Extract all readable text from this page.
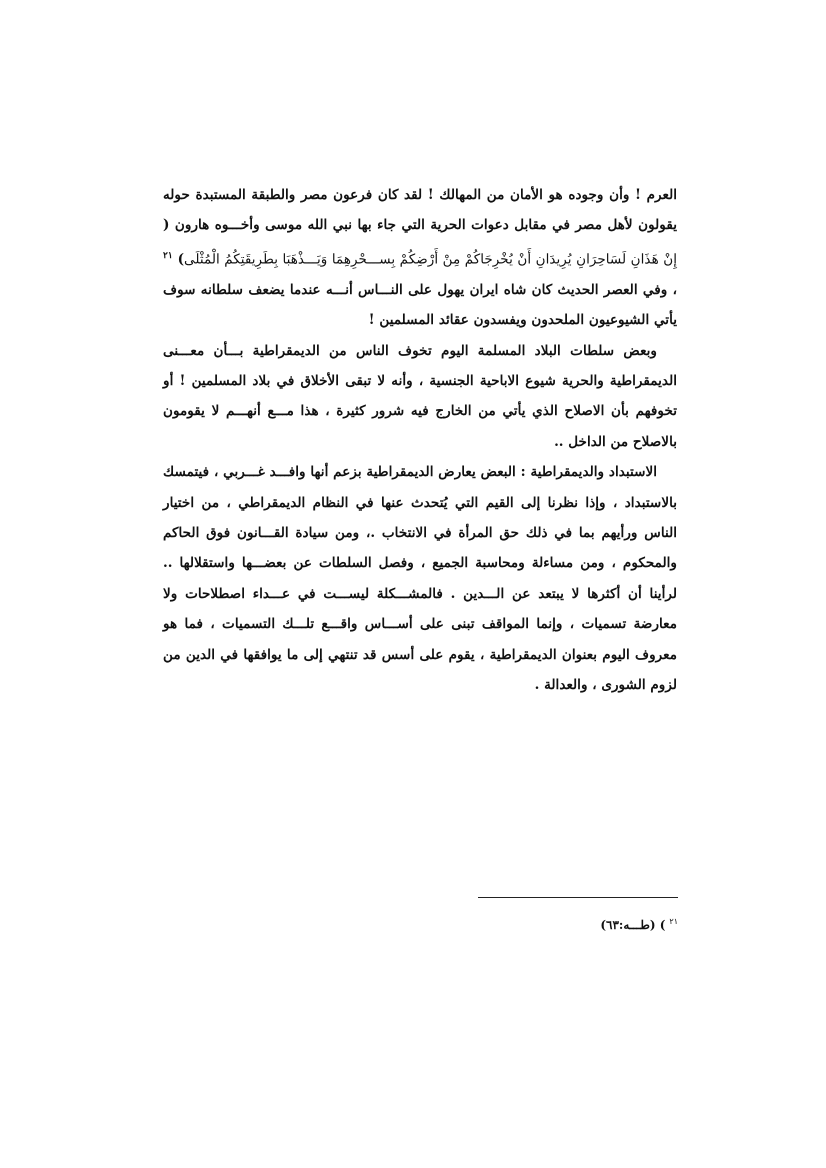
العرم ! وأن وجوده هو الأمان من المهالك ! لقد كان فرعون مصر والطبقة المستبدة حوله يقولون لأهل مصر في مقابل دعوات الحرية التي جاء بها نبي الله موسى وأخـــوه هارون ( إِنْ هَذَانِ لَسَاحِرَانِ يُرِيدَانِ أَنْ يُخْرِجَاكُمْ مِنْ أَرْضِكُمْ بِســـحْرِهِمَا وَيَـــذْهَبَا بِطَرِيقَتِكُمُ الْمُثْلَى) $^{٢١}$ ، وفي العصر الحديث كان شاه ايران يهول على النـــاس أنـــه عندما يضعف سلطانه سوف يأتي الشيوعيون الملحدون ويفسدون عقائد المسلمين !

وبعض سلطات البلاد المسلمة اليوم تخوف الناس من الديمقراطية بـــأن معـــنى الديمقراطية والحرية شيوع الاباحية الجنسية ، وأنه لا تبقى الأخلاق في بلاد المسلمين ! أو تخوفهم بأن الاصلاح الذي يأتي من الخارج فيه شرور كثيرة ، هذا مـــع أنهـــم لا يقومون بالاصلاح من الداخل ..

الاستبداد والديمقراطية : البعض يعارض الديمقراطية بزعم أنها وافـــد غـــربي ، فيتمسك بالاستبداد ، وإذا نظرنا إلى القيم التي يُتحدث عنها في النظام الديمقراطي ، من اختيار الناس ورأيهم بما في ذلك حق المرأة في الانتخاب .، ومن سيادة القـــانون فوق الحاكم والمحكوم ، ومن مساءلة ومحاسبة الجميع ، وفصل السلطات عن بعضـــها واستقلالها .. لرأينا أن أكثرها لا يبتعد عن الـــدين . فالمشـــكلة ليســـت في عـــداء اصطلاحات ولا معارضة تسميات ، وإنما المواقف تبنى على أســـاس واقـــع تلـــك التسميات ، فما هو معروف اليوم بعنوان الديمقراطية ، يقوم على أسس قد تنتهي إلى ما يوافقها في الدين من لزوم الشورى ، والعدالة .

$^{٢١}$) (طـــه:٦٣)
